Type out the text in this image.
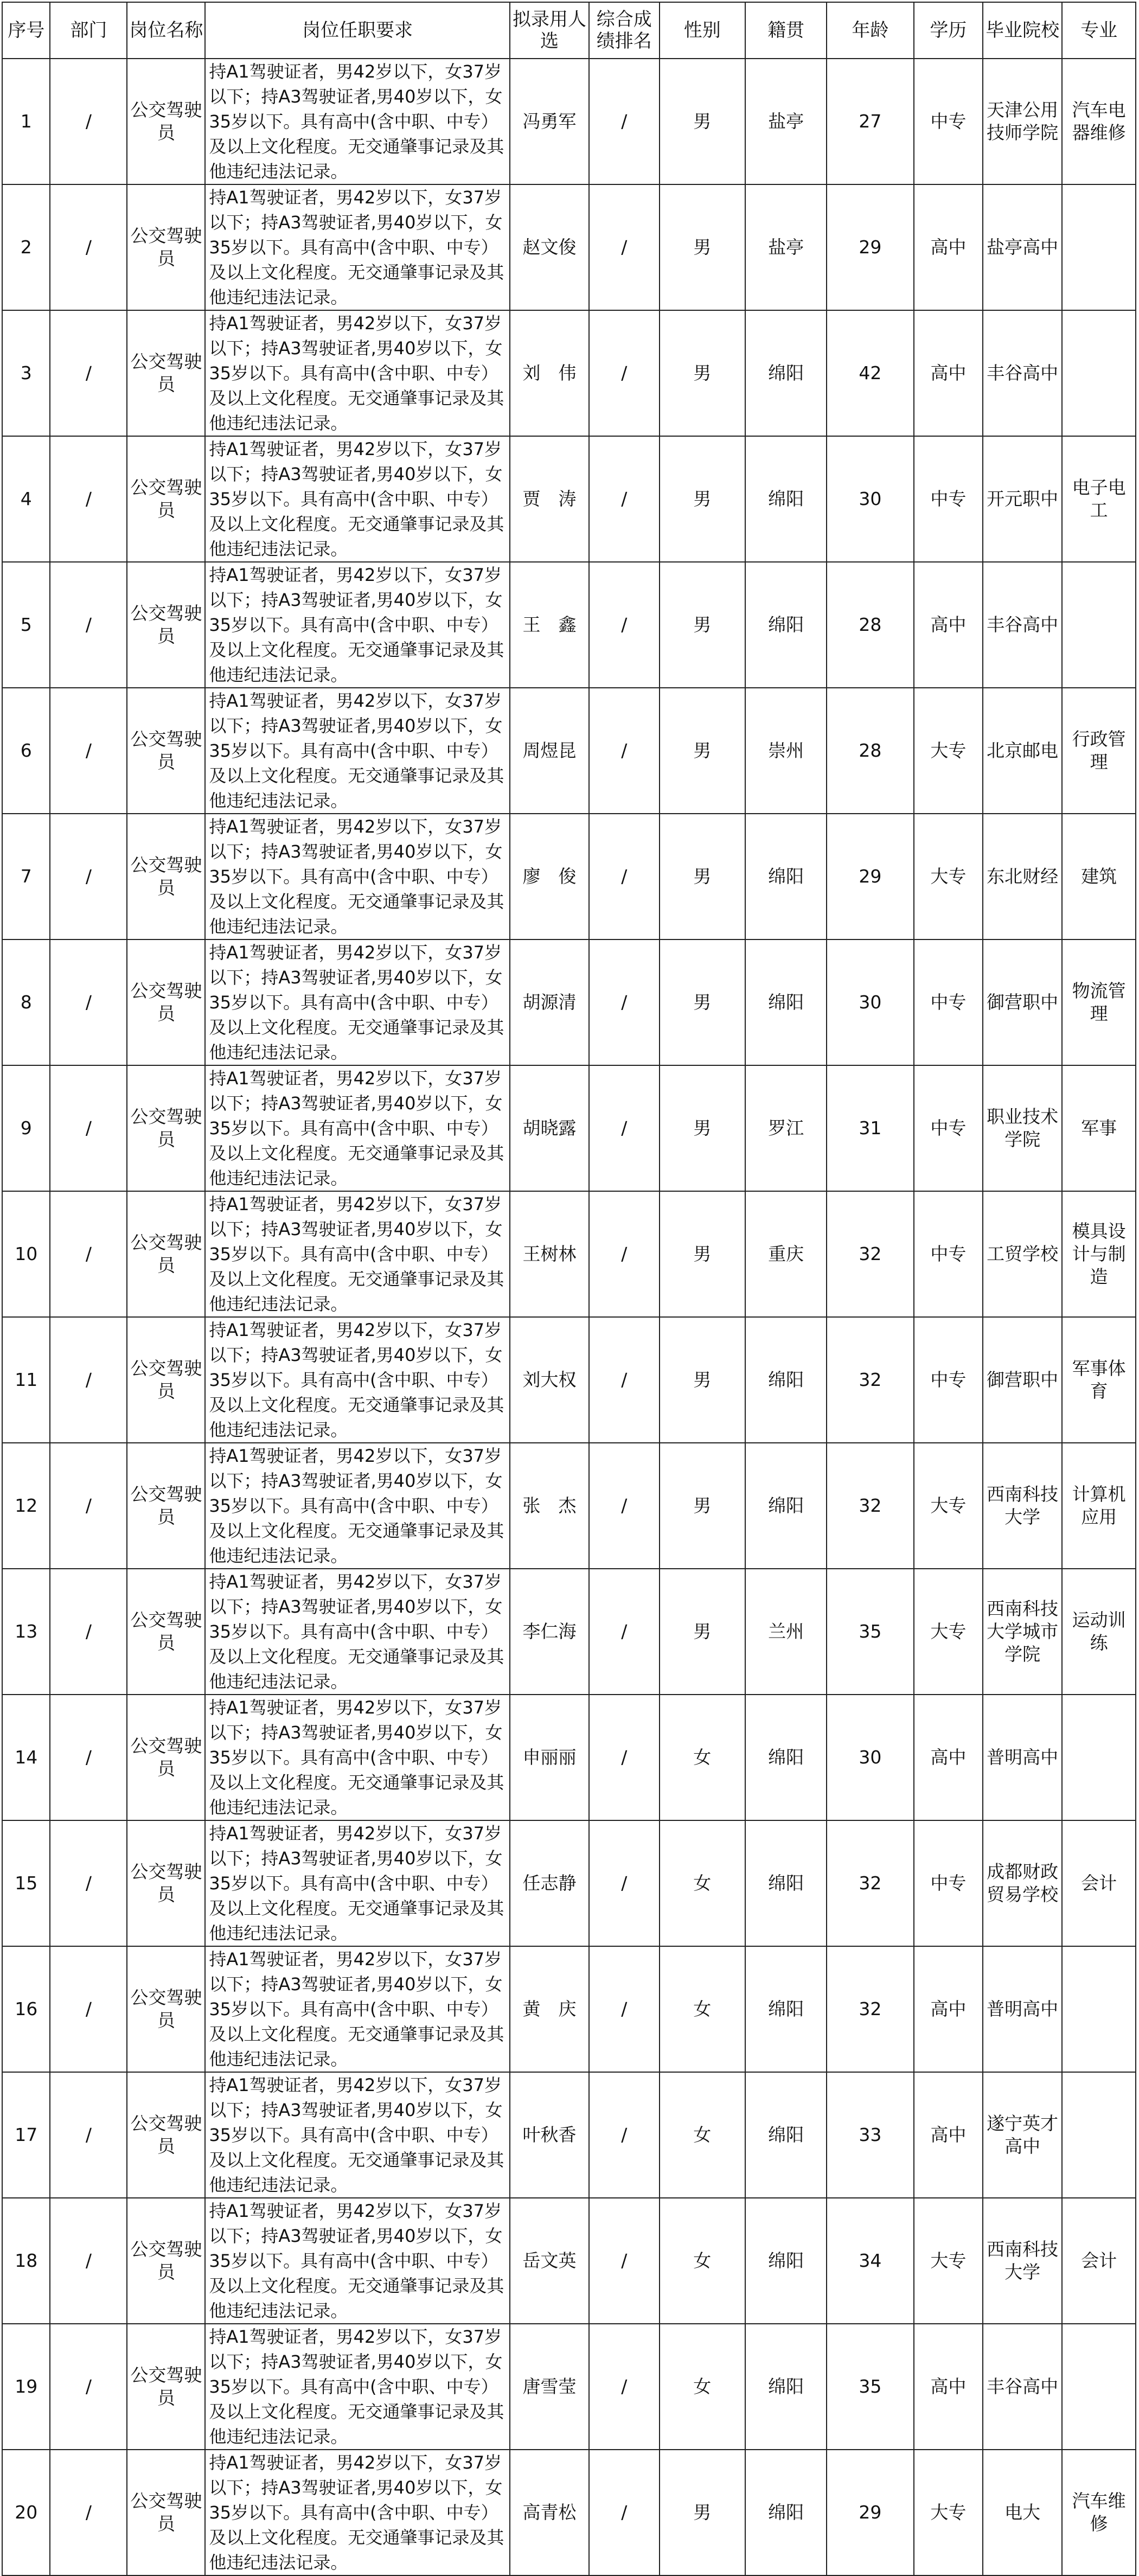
序号	部门	岗位名称	岗位任职要求	拟录用人选	综合成绩排名	性别	籍贯	年龄	学历	毕业院校	专业
1	/	公交驾驶员	持A1驾驶证者，男42岁以下，女37岁以下；持A3驾驶证者,男40岁以下，女35岁以下。具有高中(含中职、中专）及以上文化程度。无交通肇事记录及其他违纪违法记录。	冯勇军	/	男	盐亭	27	中专	天津公用技师学院	汽车电器维修
2	/	公交驾驶员	持A1驾驶证者，男42岁以下，女37岁以下；持A3驾驶证者,男40岁以下，女35岁以下。具有高中(含中职、中专）及以上文化程度。无交通肇事记录及其他违纪违法记录。	赵文俊	/	男	盐亭	29	高中	盐亭高中	
3	/	公交驾驶员	持A1驾驶证者，男42岁以下，女37岁以下；持A3驾驶证者,男40岁以下，女35岁以下。具有高中(含中职、中专）及以上文化程度。无交通肇事记录及其他违纪违法记录。	刘　伟	/	男	绵阳	42	高中	丰谷高中	
4	/	公交驾驶员	持A1驾驶证者，男42岁以下，女37岁以下；持A3驾驶证者,男40岁以下，女35岁以下。具有高中(含中职、中专）及以上文化程度。无交通肇事记录及其他违纪违法记录。	贾　涛	/	男	绵阳	30	中专	开元职中	电子电工
5	/	公交驾驶员	持A1驾驶证者，男42岁以下，女37岁以下；持A3驾驶证者,男40岁以下，女35岁以下。具有高中(含中职、中专）及以上文化程度。无交通肇事记录及其他违纪违法记录。	王　鑫	/	男	绵阳	28	高中	丰谷高中	
6	/	公交驾驶员	持A1驾驶证者，男42岁以下，女37岁以下；持A3驾驶证者,男40岁以下，女35岁以下。具有高中(含中职、中专）及以上文化程度。无交通肇事记录及其他违纪违法记录。	周煜昆	/	男	崇州	28	大专	北京邮电	行政管理
7	/	公交驾驶员	持A1驾驶证者，男42岁以下，女37岁以下；持A3驾驶证者,男40岁以下，女35岁以下。具有高中(含中职、中专）及以上文化程度。无交通肇事记录及其他违纪违法记录。	廖　俊	/	男	绵阳	29	大专	东北财经	建筑
8	/	公交驾驶员	持A1驾驶证者，男42岁以下，女37岁以下；持A3驾驶证者,男40岁以下，女35岁以下。具有高中(含中职、中专）及以上文化程度。无交通肇事记录及其他违纪违法记录。	胡源清	/	男	绵阳	30	中专	御营职中	物流管理
9	/	公交驾驶员	持A1驾驶证者，男42岁以下，女37岁以下；持A3驾驶证者,男40岁以下，女35岁以下。具有高中(含中职、中专）及以上文化程度。无交通肇事记录及其他违纪违法记录。	胡晓露	/	男	罗江	31	中专	职业技术学院	军事
10	/	公交驾驶员	持A1驾驶证者，男42岁以下，女37岁以下；持A3驾驶证者,男40岁以下，女35岁以下。具有高中(含中职、中专）及以上文化程度。无交通肇事记录及其他违纪违法记录。	王树林	/	男	重庆	32	中专	工贸学校	模具设计与制造
11	/	公交驾驶员	持A1驾驶证者，男42岁以下，女37岁以下；持A3驾驶证者,男40岁以下，女35岁以下。具有高中(含中职、中专）及以上文化程度。无交通肇事记录及其他违纪违法记录。	刘大权	/	男	绵阳	32	中专	御营职中	军事体育
12	/	公交驾驶员	持A1驾驶证者，男42岁以下，女37岁以下；持A3驾驶证者,男40岁以下，女35岁以下。具有高中(含中职、中专）及以上文化程度。无交通肇事记录及其他违纪违法记录。	张　杰	/	男	绵阳	32	大专	西南科技大学	计算机应用
13	/	公交驾驶员	持A1驾驶证者，男42岁以下，女37岁以下；持A3驾驶证者,男40岁以下，女35岁以下。具有高中(含中职、中专）及以上文化程度。无交通肇事记录及其他违纪违法记录。	李仁海	/	男	兰州	35	大专	西南科技大学城市学院	运动训练
14	/	公交驾驶员	持A1驾驶证者，男42岁以下，女37岁以下；持A3驾驶证者,男40岁以下，女35岁以下。具有高中(含中职、中专）及以上文化程度。无交通肇事记录及其他违纪违法记录。	申丽丽	/	女	绵阳	30	高中	普明高中	
15	/	公交驾驶员	持A1驾驶证者，男42岁以下，女37岁以下；持A3驾驶证者,男40岁以下，女35岁以下。具有高中(含中职、中专）及以上文化程度。无交通肇事记录及其他违纪违法记录。	任志静	/	女	绵阳	32	中专	成都财政贸易学校	会计
16	/	公交驾驶员	持A1驾驶证者，男42岁以下，女37岁以下；持A3驾驶证者,男40岁以下，女35岁以下。具有高中(含中职、中专）及以上文化程度。无交通肇事记录及其他违纪违法记录。	黄　庆	/	女	绵阳	32	高中	普明高中	
17	/	公交驾驶员	持A1驾驶证者，男42岁以下，女37岁以下；持A3驾驶证者,男40岁以下，女35岁以下。具有高中(含中职、中专）及以上文化程度。无交通肇事记录及其他违纪违法记录。	叶秋香	/	女	绵阳	33	高中	遂宁英才高中	
18	/	公交驾驶员	持A1驾驶证者，男42岁以下，女37岁以下；持A3驾驶证者,男40岁以下，女35岁以下。具有高中(含中职、中专）及以上文化程度。无交通肇事记录及其他违纪违法记录。	岳文英	/	女	绵阳	34	大专	西南科技大学	会计
19	/	公交驾驶员	持A1驾驶证者，男42岁以下，女37岁以下；持A3驾驶证者,男40岁以下，女35岁以下。具有高中(含中职、中专）及以上文化程度。无交通肇事记录及其他违纪违法记录。	唐雪莹	/	女	绵阳	35	高中	丰谷高中	
20	/	公交驾驶员	持A1驾驶证者，男42岁以下，女37岁以下；持A3驾驶证者,男40岁以下，女35岁以下。具有高中(含中职、中专）及以上文化程度。无交通肇事记录及其他违纪违法记录。	高青松	/	男	绵阳	29	大专	电大	汽车维修
